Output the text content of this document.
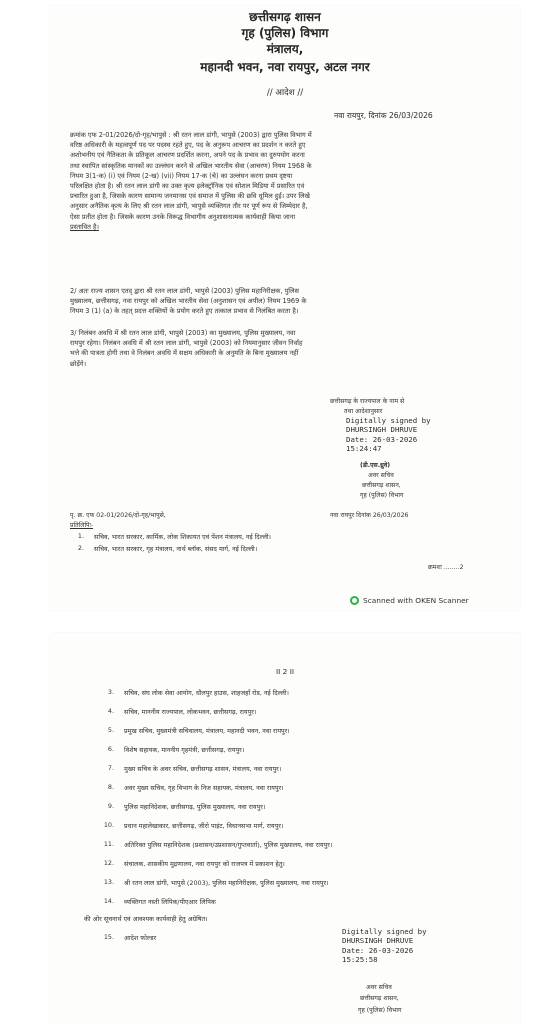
छत्तीसगढ़ शासन
गृह (पुलिस) विभाग
मंत्रालय,
महानदी भवन, नवा रायपुर, अटल नगर
// आदेश //
नवा रायपुर, दिनांक 26/03/2026

क्रमांक एफ 2-01/2026/दो-गृह/भापुसे : श्री रतन लाल डांगी, भापुसे (2003) द्वारा पुलिस विभाग में

वरिष्ठ अधिकारी के महत्वपूर्ण पद पर पदस्थ रहते हुए, पद के अनुरूप आचरण का प्रदर्शन न करते हुए

अशोभनीय एवं नैतिकता के प्रतिकूल आचरण प्रदर्शित करना, अपने पद के प्रभाव का दुरुपयोग करना

तथा स्थापित सांस्कृतिक मानकों का उल्लंघन करने से अखिल भारतीय सेवा (आचरण) नियम 1968 के

नियम 3(1-क) (i) एवं नियम (2-ख) (vii) नियम 17-क (चे) का उल्लंघन करना प्रथम दृष्टया

परिलक्षित होता है। श्री रतन लाल डांगी का उक्त कृत्य इलेक्ट्रॉनिक एवं सोशल मिडिया में प्रसारित एवं

प्रचारित हुआ है, जिसके कारण सामान्य जनमानस एवं समाज में पुलिस की छवि धूमिल हुई। उपर लिखे

अनुसार अनैतिक कृत्य के लिए श्री रतन लाल डांगी, भापुसे व्यक्तिगत तौर पर पूर्ण रूप से जिम्मेदार है,

ऐसा प्रतीत होता है। जिसके कारण उनके विरूद्ध विभागीय अनुशासनात्मक कार्यवाही किया जाना

प्रस्तावित है।

2/ अतः राज्य शासन एतद् द्वारा श्री रतन लाल डांगी, भापुसे (2003) पुलिस महानिरीक्षक, पुलिस

मुख्यालय, छत्तीसगढ़, नवा रायपुर को अखिल भारतीय सेवा (अनुशासन एवं अपील) नियम 1969 के

नियम 3 (1) (a) के तहत् प्रदत्त शक्तियों के प्रयोग करते हुए तत्काल प्रभाव से निलंबित करता है।

3/ निलंबन अवधि में श्री रतन लाल डांगी, भापुसे (2003) का मुख्यालय, पुलिस मुख्यालय, नवा

रायपुर रहेगा। निलंबन अवधि में श्री रतन लाल डांगी, भापुसे (2003) को नियमानुसार जीवन निर्वाह

भत्ते की पात्रता होगी तथा वे निलंबन अवधि में सक्षम अधिकारी के अनुमति के बिना मुख्यालय नहीं

छोड़ेंगे।

छत्तीसगढ़ के राज्यपाल के नाम से
तथा आदेशानुसार
Digitally signed by
DHURSINGH DHRUVE
Date: 26-03-2026
15:24:47
(डी.एस.ध्रुवे)
अवर सचिव
छत्तीसगढ़ शासन,
गृह (पुलिस) विभाग
पृ. क्र. एफ 02-01/2026/दो-गृह/भापुसे,	नवा रायपुर दिनांक 26/03/2026
प्रतिलिपिः-
1. सचिव, भारत सरकार, कार्मिक, लोक शिकायत एवं पेंशन मंत्रालय, नई दिल्ली।
2. सचिव, भारत सरकार, गृह मंत्रालय, नार्थ ब्लॉक, संसद मार्ग, नई दिल्ली।
क्रमशः ........2
Scanned with OKEN Scanner
II 2 II
3. सचिव, संघ लोक सेवा आयोग, धौलपुर हाउस, शाहजहाँ रोड, नई दिल्ली।
4. सचिव, माननीय राज्यपाल, लोकभवन, छत्तीसगढ़, रायपुर।
5. प्रमुख सचिव, मुख्यमंत्री सचिवालय, मंत्रालय, महानदी भवन, नवा रायपुर।
6. विशेष सहायक, माननीय गृहमंत्री, छत्तीसगढ़, रायपुर।
7. मुख्य सचिव के अवर सचिव, छत्तीसगढ़ शासन, मंत्रालय, नवा रायपुर।
8. अवर मुख्य सचिव, गृह विभाग के निज सहायक, मंत्रालय, नवा रायपुर।
9. पुलिस महानिदेशक, छत्तीसगढ़, पुलिस मुख्यालय, नवा रायपुर।
10. प्रधान महालेखाकार, छत्तीसगढ़, जीरो पाइंट, विधानसभा मार्ग, रायपुर।
11. अतिरिक्त पुलिस महानिदेशक (प्रशासन/उप्रशासन/गुप्तवार्ता), पुलिस मुख्यालय, नवा रायपुर।
12. संचालक, शासकीय मुद्रणालय, नवा रायपुर को राजपत्र में प्रकाशन हेतु।
13. श्री रतन लाल डांगी, भापुसे (2003), पुलिस महानिरीक्षक, पुलिस मुख्यालय, नवा रायपुर।
14. व्यक्तिगत नस्ती लिपिक/पीएआर लिपिक
की ओर सूचनार्थ एवं आवश्यक कार्यवाही हेतु अग्रेषित।
15. आदेश फोल्डर
Digitally signed by
DHURSINGH DHRUVE
Date: 26-03-2026
15:25:58
अवर सचिव
छत्तीसगढ़ शासन,
गृह (पुलिस) विभाग
